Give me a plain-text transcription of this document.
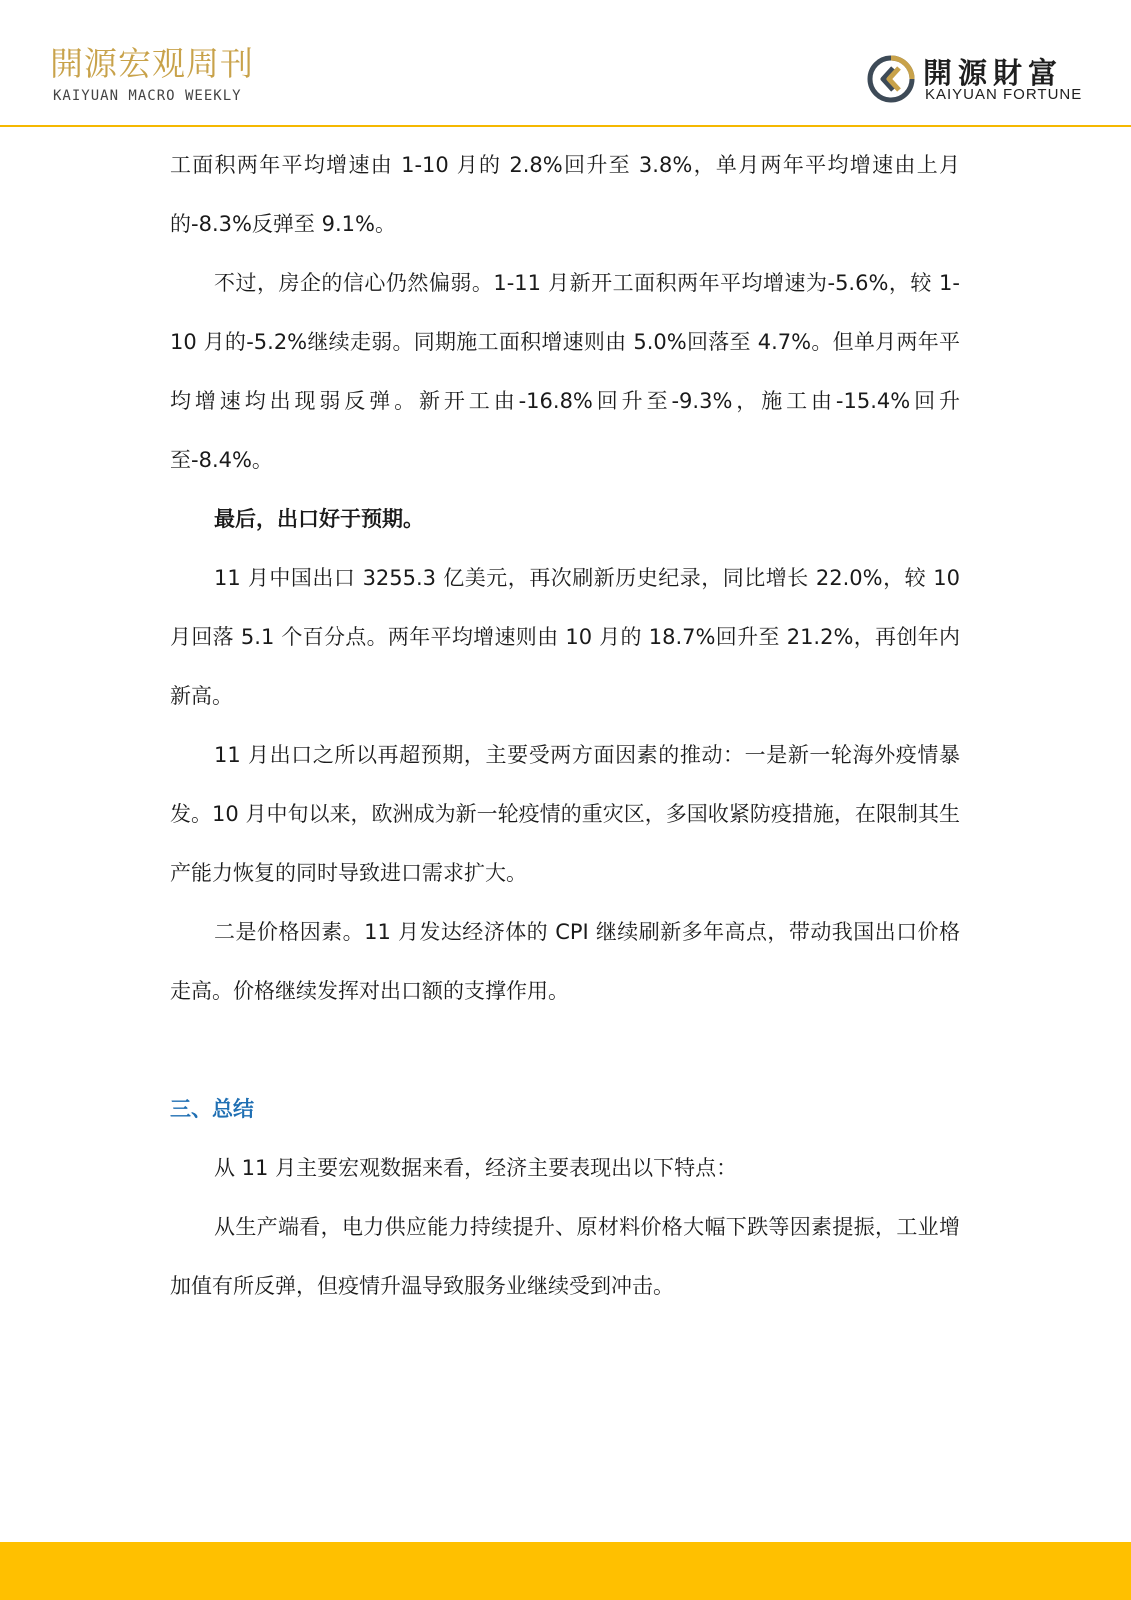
開源宏观周刊
KAIYUAN MACRO WEEKLY
開源財富
KAIYUAN FORTUNE

工面积两年平均增速由 1-10 月的 2.8%回升至 3.8%，单月两年平均增速由上月的-8.3%反弹至 9.1%。

不过，房企的信心仍然偏弱。1-11 月新开工面积两年平均增速为-5.6%，较 1-10 月的-5.2%继续走弱。同期施工面积增速则由 5.0%回落至 4.7%。但单月两年平均增速均出现弱反弹。新开工由-16.8%回升至-9.3%，施工由-15.4%回升至-8.4%。

最后，出口好于预期。

11 月中国出口 3255.3 亿美元，再次刷新历史纪录，同比增长 22.0%，较 10 月回落 5.1 个百分点。两年平均增速则由 10 月的 18.7%回升至 21.2%，再创年内新高。

11 月出口之所以再超预期，主要受两方面因素的推动：一是新一轮海外疫情暴发。10 月中旬以来，欧洲成为新一轮疫情的重灾区，多国收紧防疫措施，在限制其生产能力恢复的同时导致进口需求扩大。

二是价格因素。11 月发达经济体的 CPI 继续刷新多年高点，带动我国出口价格走高。价格继续发挥对出口额的支撑作用。

三、总结

从 11 月主要宏观数据来看，经济主要表现出以下特点：

从生产端看，电力供应能力持续提升、原材料价格大幅下跌等因素提振，工业增加值有所反弹，但疫情升温导致服务业继续受到冲击。
